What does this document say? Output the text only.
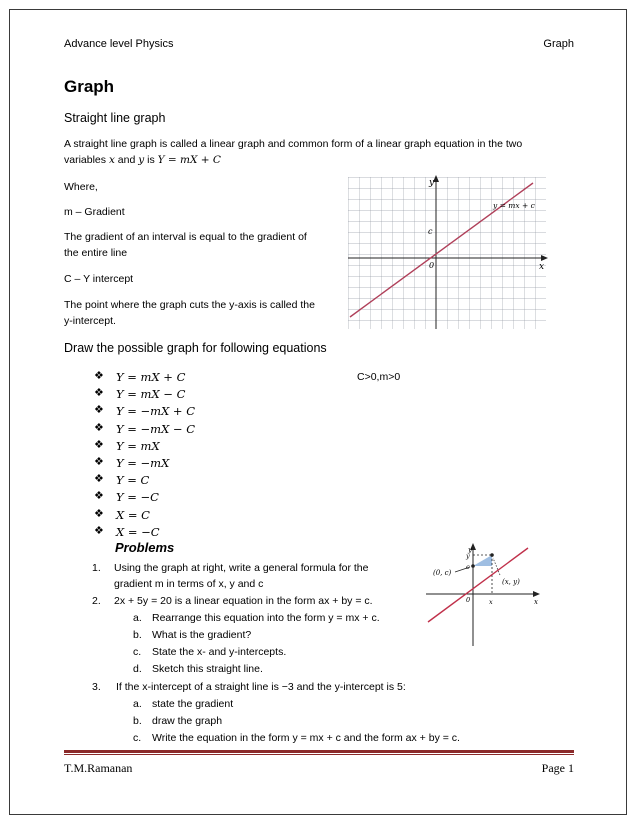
Advance level Physics	Graph
Graph
Straight line graph
A straight line graph is called a linear graph and common form of a linear graph equation in the two
variables x and y is Y = mX + C
Where,
m – Gradient
The gradient of an interval is equal to the gradient of
the entire line
C – Y intercept
The point where the graph cuts the y-axis is called the
y-intercept.
y
x
y = mx + c
c
0
Draw the possible graph for following equations
❖ Y = mX + C
❖ Y = mX − C
❖ Y = −mX + C
❖ Y = −mX − C
❖ Y = mX
❖ Y = −mX
❖ Y = C
❖ Y = −C
❖ X = C
❖ X = −C
C>0,m>0
Problems
1. Using the graph at right, write a general formula for the
gradient m in terms of x, y and c
2. 2x + 5y = 20 is a linear equation in the form ax + by = c.
a. Rearrange this equation into the form y = mx + c.
b. What is the gradient?
c. State the x- and y-intercepts.
d. Sketch this straight line.
3. If the x-intercept of a straight line is −3 and the y-intercept is 5:
a. state the gradient
b. draw the graph
c. Write the equation in the form y = mx + c and the form ax + by = c.
y
x
0
y
c
x
(0, c)
(x, y)
T.M.Ramanan	Page 1
